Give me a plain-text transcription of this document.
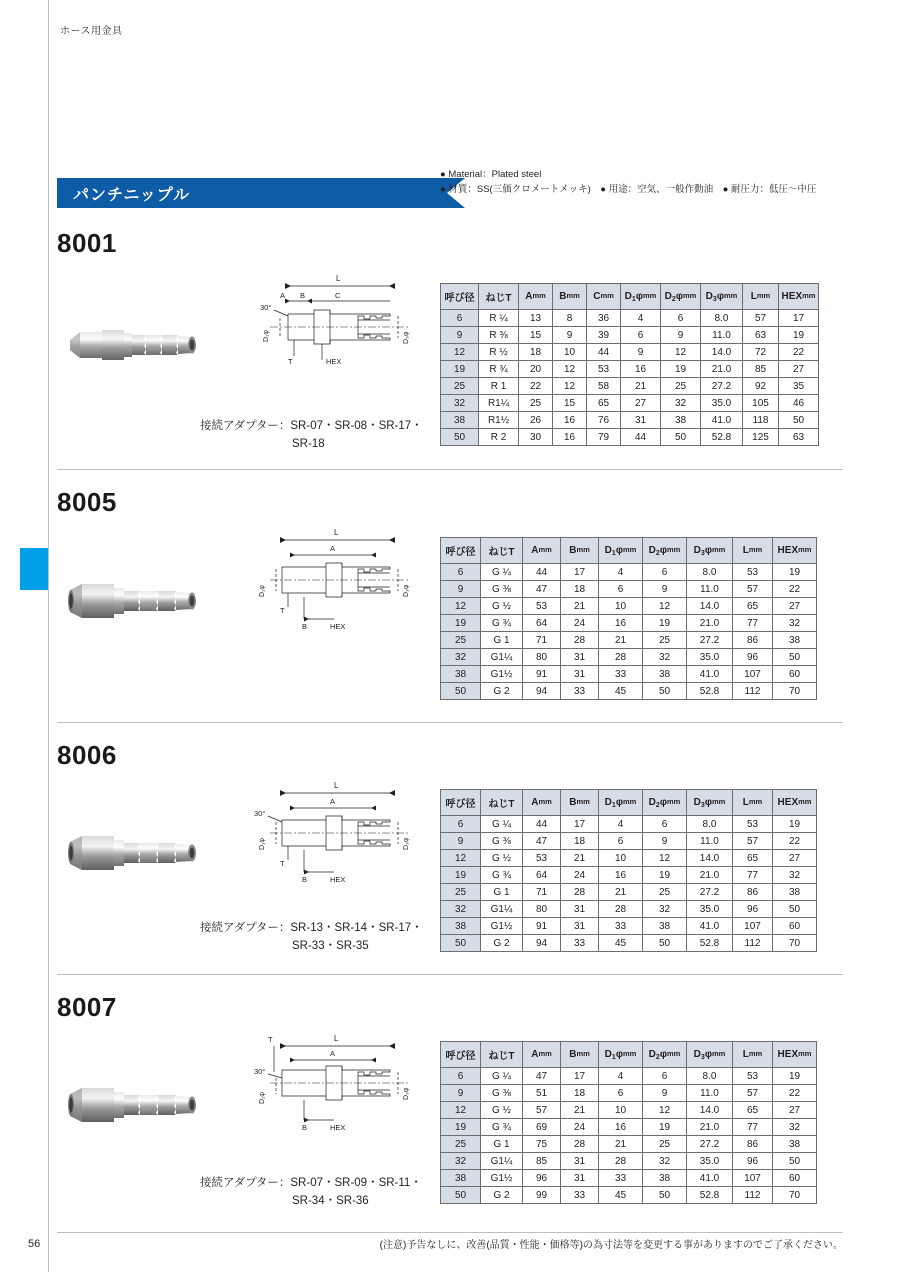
ホース用金具
パンチニップル
● Material：Plated steel
● 材質：SS(三価クロメートメッキ)　● 用途：空気、一般作動油　● 耐圧力：低圧～中圧
8001
L
A B	C
30°
D₁φ
T	HEX
D₃φ
接続アダプター：SR-07・SR-08・SR-17・
　　　　　　　　SR-18
呼び径	ねじT	Amm	Bmm	Cmm	$D_1\varphi mm$	$D_2\varphi mm$	$D_3\varphi mm$	Lmm	HEXmm
6	R ¼	13	8	36	4	6	8.0	57	17
9	R ⅜	15	9	39	6	9	11.0	63	19
12	R ½	18	10	44	9	12	14.0	72	22
19	R ¾	20	12	53	16	19	21.0	85	27
25	R 1	22	12	58	21	25	27.2	92	35
32	R1¼	25	15	65	27	32	35.0	105	46
38	R1½	26	16	76	31	38	41.0	118	50
50	R 2	30	16	79	44	50	52.8	125	63
8005
L
A
D₁φ
T
B	HEX
D₃φ
呼び径	ねじT	Amm	Bmm	$D_1\varphi mm$	$D_2\varphi mm$	$D_3\varphi mm$	Lmm	HEXmm
6	G ¼	44	17	4	6	8.0	53	19
9	G ⅜	47	18	6	9	11.0	57	22
12	G ½	53	21	10	12	14.0	65	27
19	G ¾	64	24	16	19	21.0	77	32
25	G 1	71	28	21	25	27.2	86	38
32	G1¼	80	31	28	32	35.0	96	50
38	G1½	91	31	33	38	41.0	107	60
50	G 2	94	33	45	50	52.8	112	70
8006
L
A
30°
D₁φ
T
B	HEX
D₃φ
接続アダプター：SR-13・SR-14・SR-17・
　　　　　　　　SR-33・SR-35
呼び径	ねじT	Amm	Bmm	$D_1\varphi mm$	$D_2\varphi mm$	$D_3\varphi mm$	Lmm	HEXmm
6	G ¼	44	17	4	6	8.0	53	19
9	G ⅜	47	18	6	9	11.0	57	22
12	G ½	53	21	10	12	14.0	65	27
19	G ¾	64	24	16	19	21.0	77	32
25	G 1	71	28	21	25	27.2	86	38
32	G1¼	80	31	28	32	35.0	96	50
38	G1½	91	31	33	38	41.0	107	60
50	G 2	94	33	45	50	52.8	112	70
8007
L
A
T
30°
D₁φ
B	HEX
D₃φ
接続アダプター：SR-07・SR-09・SR-11・
　　　　　　　　SR-34・SR-36
呼び径	ねじT	Amm	Bmm	$D_1\varphi mm$	$D_2\varphi mm$	$D_3\varphi mm$	Lmm	HEXmm
6	G ¼	47	17	4	6	8.0	53	19
9	G ⅜	51	18	6	9	11.0	57	22
12	G ½	57	21	10	12	14.0	65	27
19	G ¾	69	24	16	19	21.0	77	32
25	G 1	75	28	21	25	27.2	86	38
32	G1¼	85	31	28	32	35.0	96	50
38	G1½	96	31	33	38	41.0	107	60
50	G 2	99	33	45	50	52.8	112	70
56	(注意)予告なしに、改善(品質・性能・価格等)の為寸法等を変更する事がありますのでご了承ください。
